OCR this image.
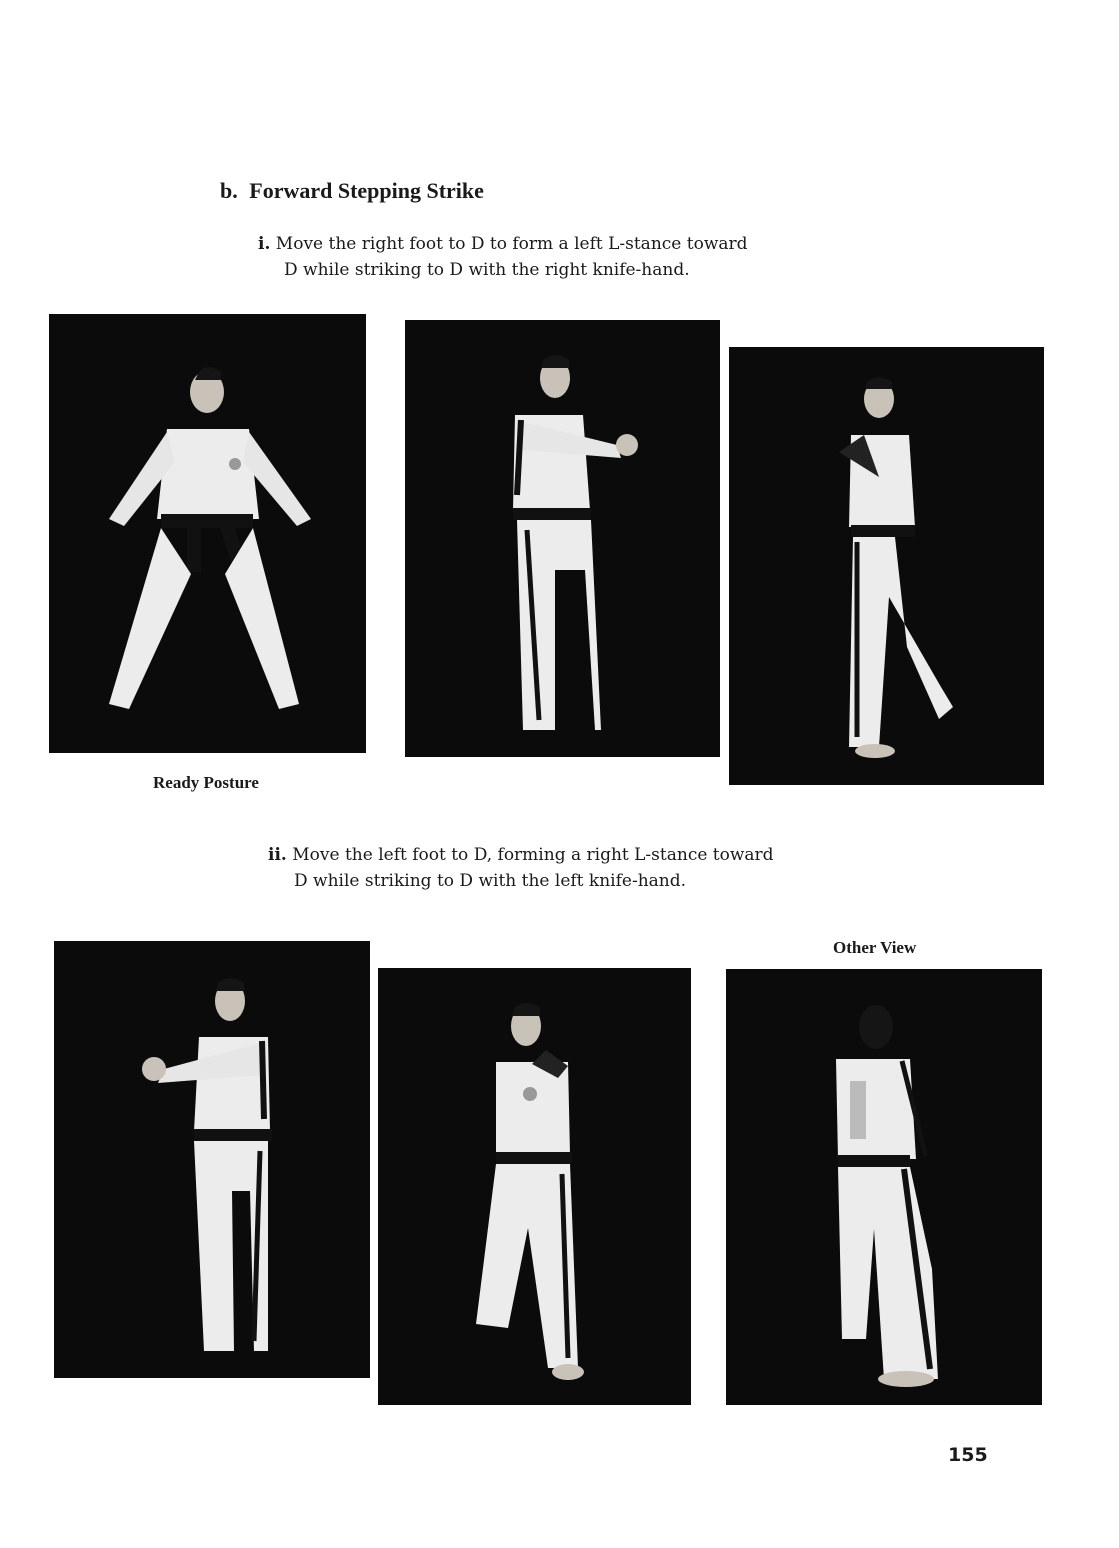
b. Forward Stepping Strike
i. Move the right foot to D to form a left L-stance toward
D while striking to D with the right knife-hand.
Ready Posture
ii. Move the left foot to D, forming a right L-stance toward
D while striking to D with the left knife-hand.
Other View
155
